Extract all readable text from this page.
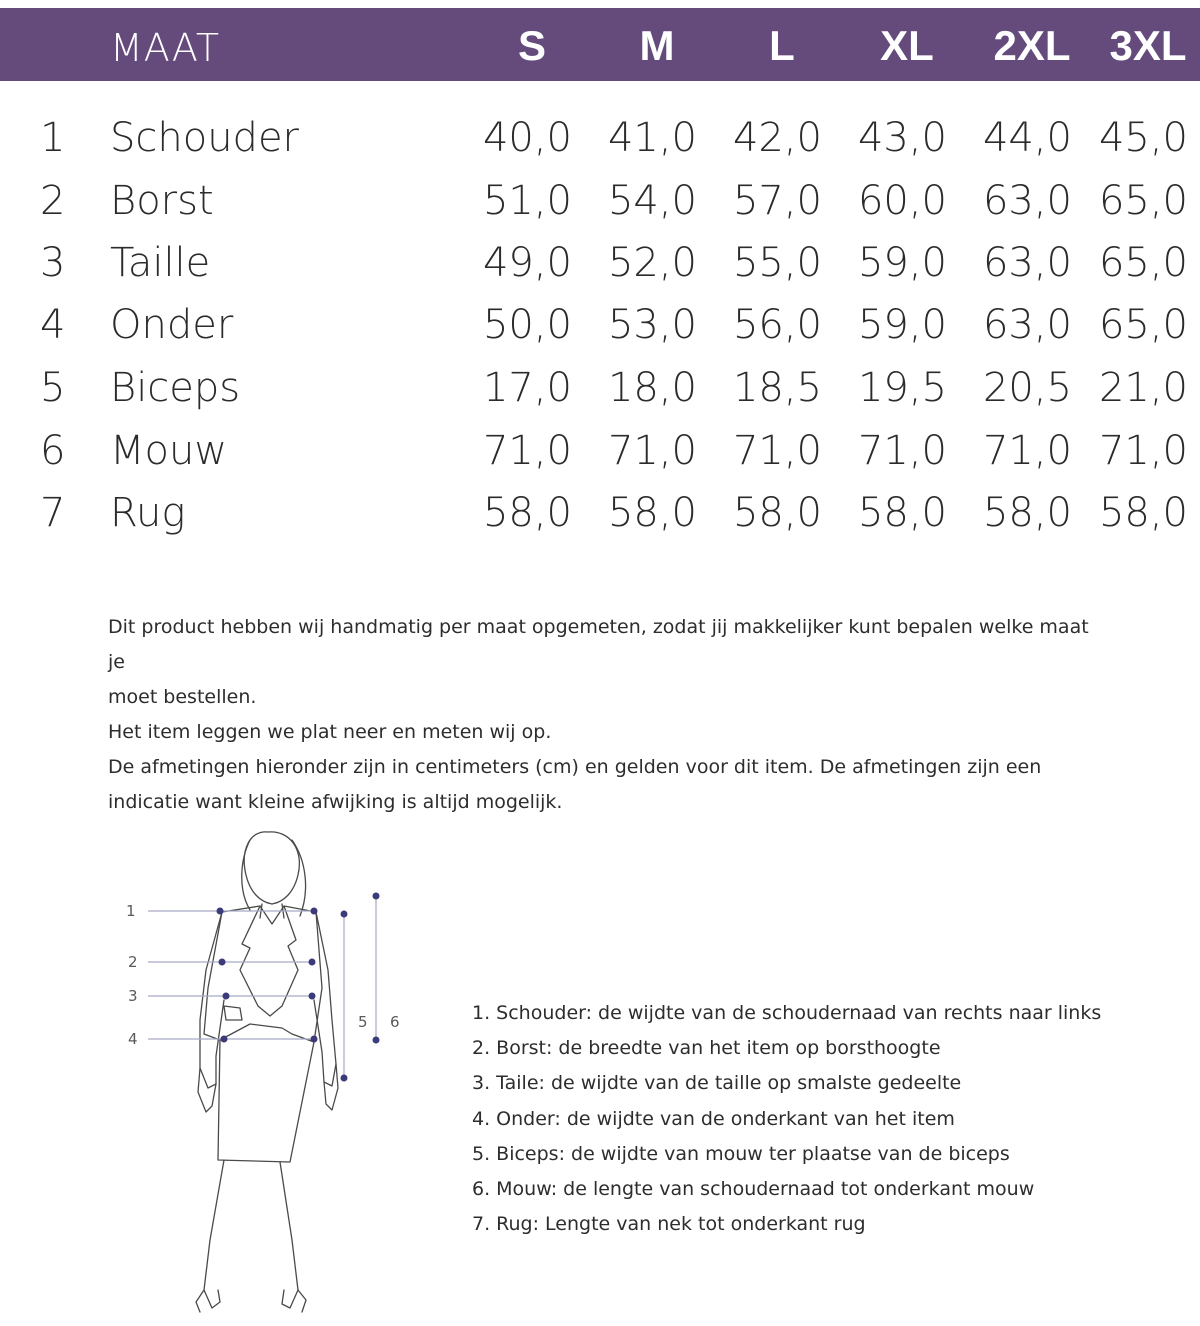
MAAT	S	M	L	XL	2XL 3XL
1 Schouder	40,0 41,0 42,0 43,0 44,0 45,0
2 Borst	51,0 54,0 57,0 60,0 63,0 65,0
3 Taille	49,0 52,0 55,0 59,0 63,0 65,0
4 Onder	50,0 53,0 56,0 59,0 63,0 65,0
5 Biceps	17,0 18,0 18,5 19,5 20,5 21,0
6 Mouw	71,0 71,0 71,0 71,0 71,0 71,0
7 Rug	58,0 58,0 58,0 58,0 58,0 58,0

Dit product hebben wij handmatig per maat opgemeten, zodat jij makkelijker kunt bepalen welke maat je

moet bestellen.

Het item leggen we plat neer en meten wij op.

De afmetingen hieronder zijn in centimeters (cm) en gelden voor dit item. De afmetingen zijn een

indicatie want kleine afwijking is altijd mogelijk.

1
2
3
4
5 6	1. Schouder: de wijdte van de schoudernaad van rechts naar links

2. Borst: de breedte van het item op borsthoogte

3. Taile: de wijdte van de taille op smalste gedeelte

4. Onder: de wijdte van de onderkant van het item

5. Biceps: de wijdte van mouw ter plaatse van de biceps

6. Mouw: de lengte van schoudernaad tot onderkant mouw

7. Rug: Lengte van nek tot onderkant rug
